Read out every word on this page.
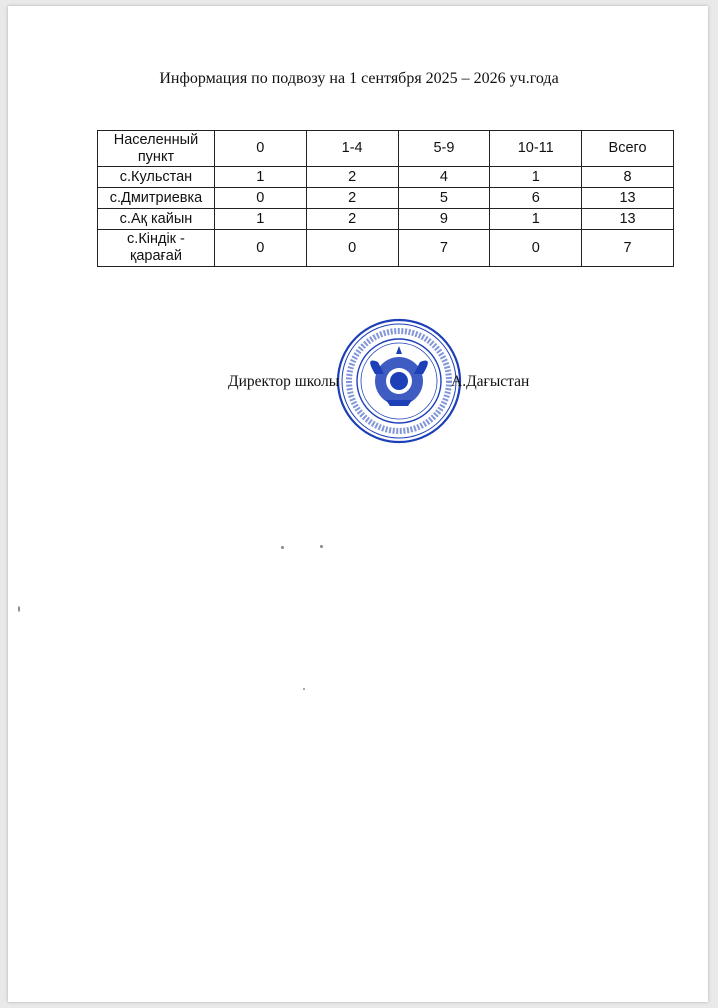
Информация по подвозу на 1 сентября 2025 – 2026 уч.года
Населенный пункт	0	1-4	5-9	10-11	Всего
с.Кульстан	1	2	4	1	8
с.Дмитриевка	0	2	5	6	13
с.Ақ кайын	1	2	9	1	13
с.Кіндік - қарағай	0	0	7	0	7
Директор школы	А.Дағыстан
